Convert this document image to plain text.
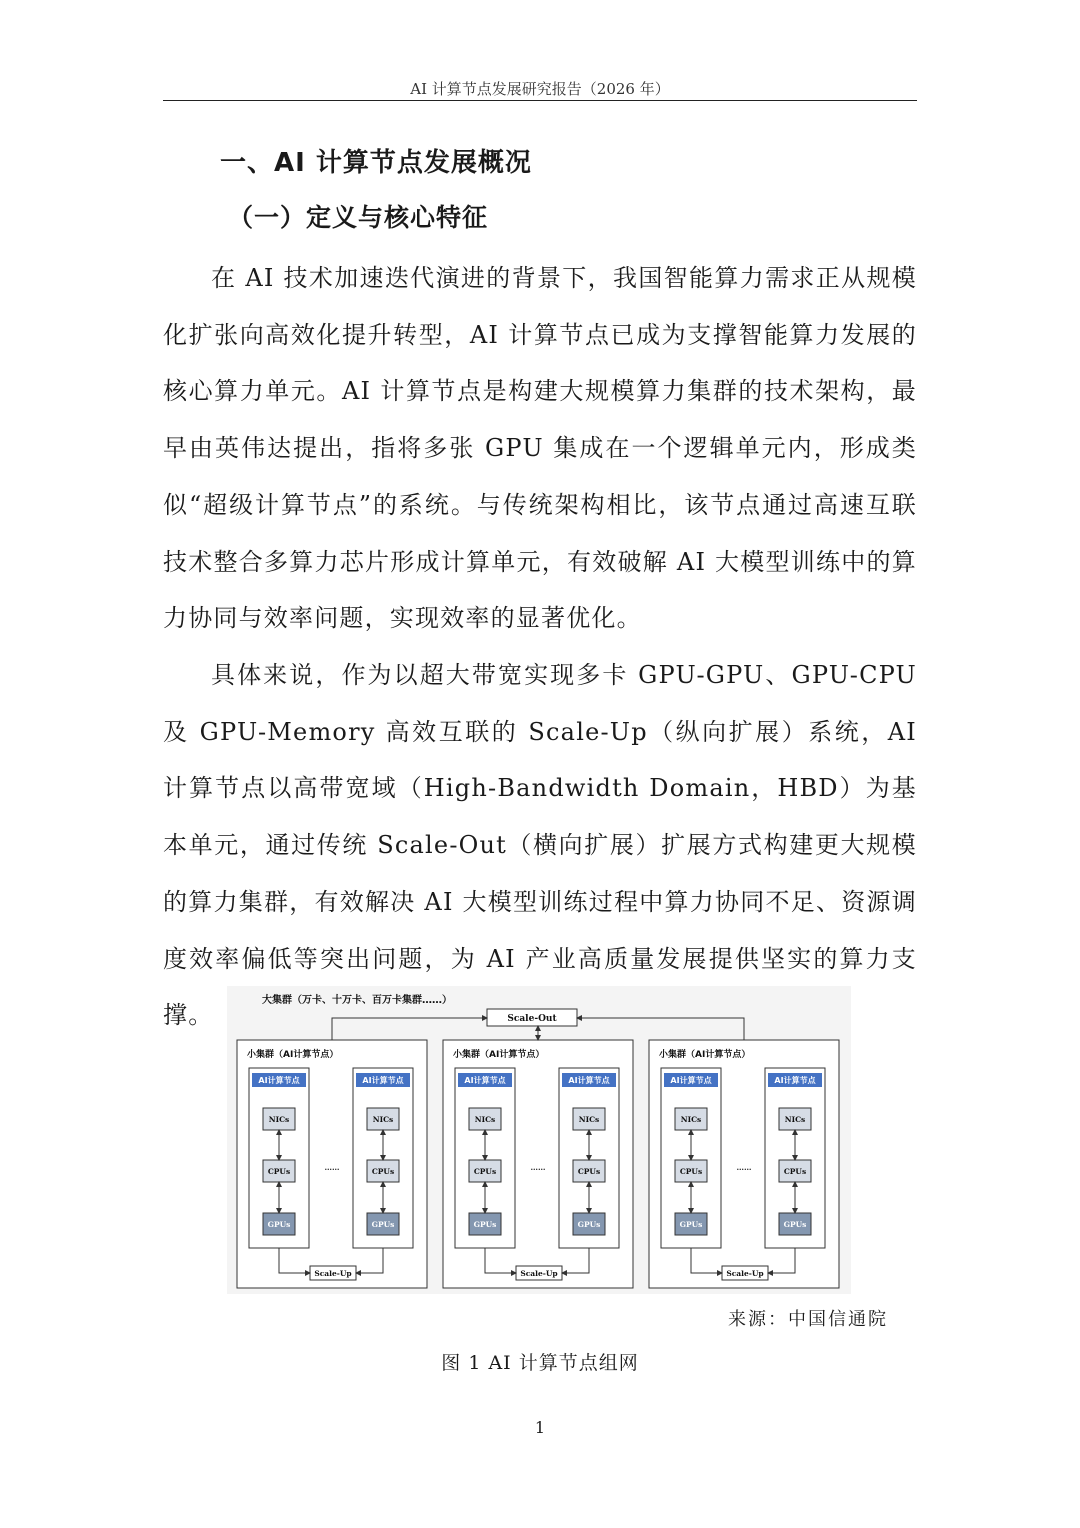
AI 计算节点发展研究报告（2026 年）
一、AI 计算节点发展概况
（一）定义与核心特征

在 AI 技术加速迭代演进的背景下，我国智能算力需求正从规模化扩张向高效化提升转型，AI 计算节点已成为支撑智能算力发展的核心算力单元。AI 计算节点是构建大规模算力集群的技术架构，最早由英伟达提出，指将多张 GPU 集成在一个逻辑单元内，形成类似“超级计算节点”的系统。与传统架构相比，该节点通过高速互联技术整合多算力芯片形成计算单元，有效破解 AI 大模型训练中的算力协同与效率问题，实现效率的显著优化。

具体来说，作为以超大带宽实现多卡 GPU-GPU、GPU-CPU 及 GPU-Memory 高效互联的 Scale-Up（纵向扩展）系统，AI 计算节点以高带宽域（High-Bandwidth Domain，HBD）为基本单元，通过传统 Scale-Out（横向扩展）扩展方式构建更大规模的算力集群，有效解决 AI 大模型训练过程中算力协同不足、资源调度效率偏低等突出问题，为 AI 产业高质量发展提供坚实的算力支撑。

大集群（万卡、十万卡、百万卡集群……）
Scale-Out
小集群（AI计算节点）
AI计算节点
NICs
CPUs
GPUs
AI计算节点
NICs
CPUs
GPUs
……
Scale-Up
小集群（AI计算节点）
AI计算节点
NICs
CPUs
GPUs
AI计算节点
NICs
CPUs
GPUs
……
Scale-Up
小集群（AI计算节点）
AI计算节点
NICs
CPUs
GPUs
AI计算节点
NICs
CPUs
GPUs
……
Scale-Up
来源：中国信通院
图 1 AI 计算节点组网
1
